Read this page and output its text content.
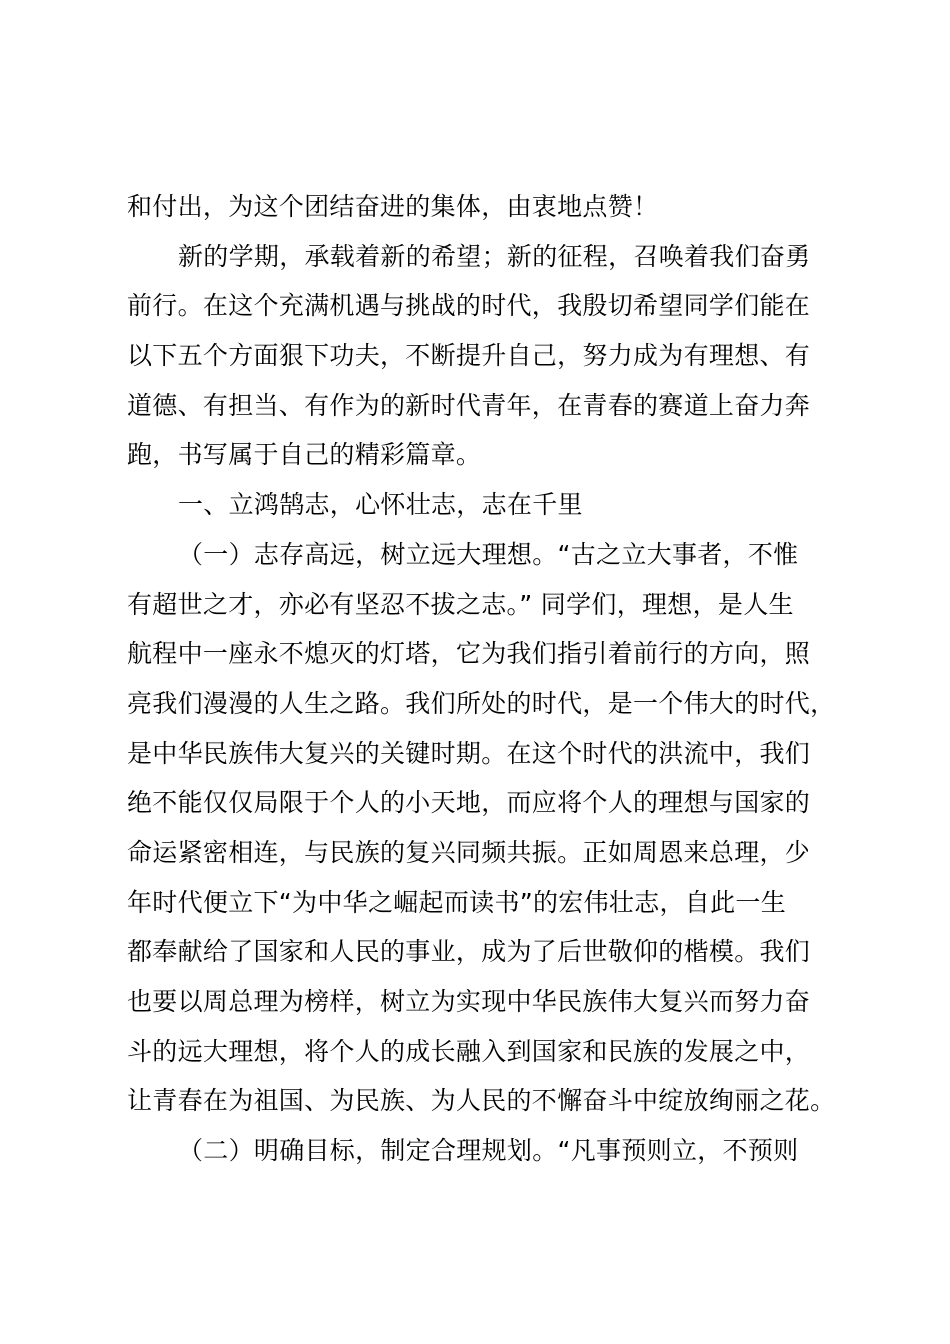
和付出，为这个团结奋进的集体，由衷地点赞！
新的学期，承载着新的希望；新的征程，召唤着我们奋勇
前行。在这个充满机遇与挑战的时代，我殷切希望同学们能在
以下五个方面狠下功夫，不断提升自己，努力成为有理想、有
道德、有担当、有作为的新时代青年，在青春的赛道上奋力奔
跑，书写属于自己的精彩篇章。
一、立鸿鹄志，心怀壮志，志在千里
（一）志存高远，树立远大理想。“古之立大事者，不惟
有超世之才，亦必有坚忍不拔之志。” 同学们，理想，是人生
航程中一座永不熄灭的灯塔，它为我们指引着前行的方向，照
亮我们漫漫的人生之路。我们所处的时代，是一个伟大的时代，
是中华民族伟大复兴的关键时期。在这个时代的洪流中，我们
绝不能仅仅局限于个人的小天地，而应将个人的理想与国家的
命运紧密相连，与民族的复兴同频共振。正如周恩来总理，少
年时代便立下“为中华之崛起而读书”的宏伟壮志，自此一生
都奉献给了国家和人民的事业，成为了后世敬仰的楷模。我们
也要以周总理为榜样，树立为实现中华民族伟大复兴而努力奋
斗的远大理想，将个人的成长融入到国家和民族的发展之中，
让青春在为祖国、为民族、为人民的不懈奋斗中绽放绚丽之花。
（二）明确目标，制定合理规划。“凡事预则立，不预则
